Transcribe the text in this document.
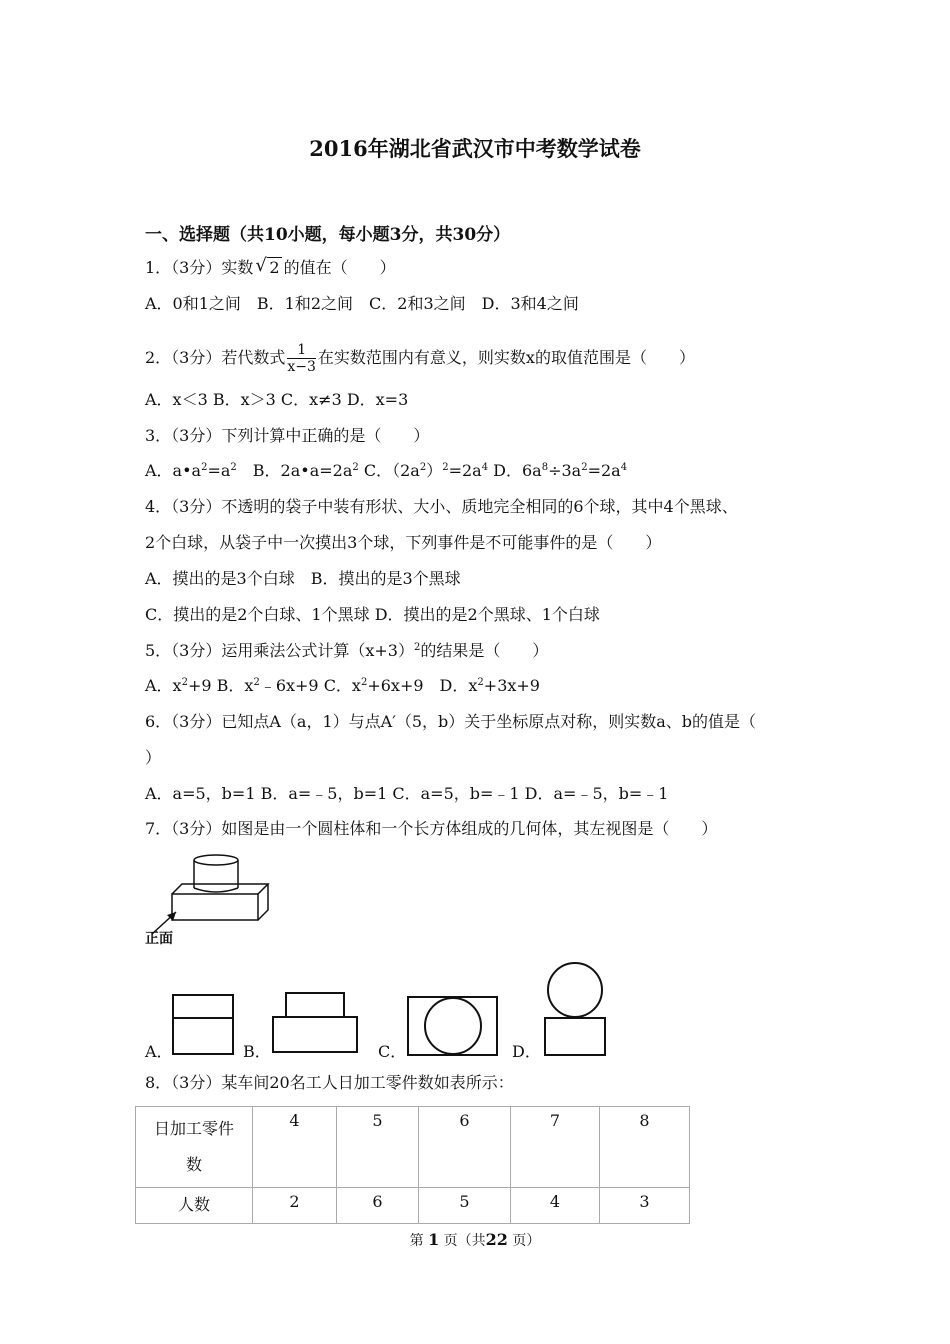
2016年湖北省武汉市中考数学试卷
一、选择题（共10小题，每小题3分，共30分）
1．（3分）实数 √ 2 的值在（　　）
A．0和1之间　B．1和2之间　C．2和3之间　D．3和4之间
2．（3分）若代数式 $\frac{1}{x-3}$ 在实数范围内有意义，则实数x的取值范围是（　　）
A．x＜3 B．x＞3 C．x≠3 D．x=3
3．（3分）下列计算中正确的是（　　）
A．$a•a^2=a^2$　B．$2a•a=2a^2$ C．$(2a^2)^2=2a^4$ D．$6a^8\div 3a^2=2a^4$
4．（3分）不透明的袋子中装有形状、大小、质地完全相同的6个球，其中4个黑球、
2个白球，从袋子中一次摸出3个球，下列事件是不可能事件的是（　　）
A．摸出的是3个白球　B．摸出的是3个黑球
C．摸出的是2个白球、1个黑球 D．摸出的是2个黑球、1个白球
5．（3分）运用乘法公式计算$(x+3)^2$的结果是（　　）
A．$x^2+9$ B．$x^2﹣6x+9$ C．$x^2+6x+9$　D．$x^2+3x+9$
6．（3分）已知点A（a，1）与点A′（5，b）关于坐标原点对称，则实数a、b的值是（
）
A．a=5，b=1 B．a=﹣5，b=1 C．a=5，b=﹣1 D．a=﹣5，b=﹣1
7．（3分）如图是由一个圆柱体和一个长方体组成的几何体，其左视图是（　　）
正面
A．	B．	C．	D．
8．（3分）某车间20名工人日加工零件数如表所示：
日加工零件
数	4	5	6	7	8
人数	2	6	5	4	3
第 1 页（共22 页）
